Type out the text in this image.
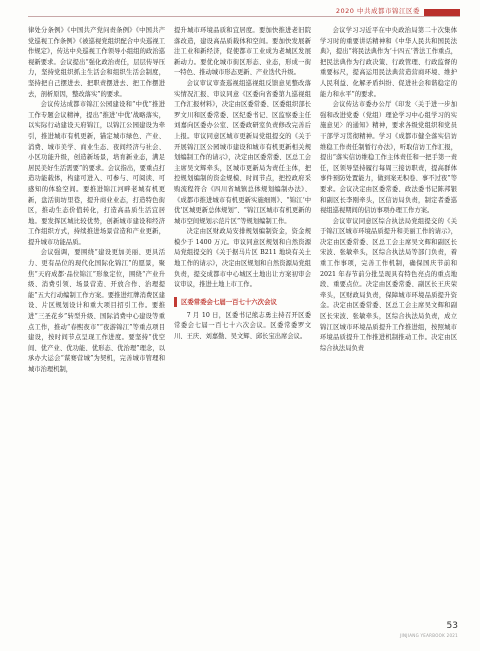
2020 中共成都市锦江区委

律处分条例》《中国共产党问责条例》《中国共产党巡视工作条例》《被巡视党组织配合中央巡视工作规定》，传达中央巡视工作领导小组组的政治巡视新要求。会议提出“强化政治责任，层层传导压力，坚持党组织抓主生活会和组织生活会制度，坚持把自己摆进去、把职责摆进去、把工作摆进去，剖析原因，整改落实”的要求。

会议传达成都市锦江公园建设和“中优”推进工作专题会议精神，提出“推进‘中优’战略落实，以实际行动建设天府锦江，以锦江公园建设为牵引，推进城市有机更新，锚定城市绿色、产业、消费、城市美学、商业生态、夜间经济与社会、小区功能升级，创造新场景，培育新业态，满足居民美好生活需要”的要求。会议指出，要重点打造功能载体，构建可进入、可参与、可阅读、可感知的体验空间。要推进锦江河畔老城有机更新，盘活街坊里巷，提升商业业态，打造特色街区，推动生态价值转化，打造高品质生活宜居地。要发挥区城比较优势，创新城市建设和经济工作组织方式，持续推进场景营造和产业更新，提升城市功能品质。

会议强调，要围绕“建设更加美丽、更具活力、更有品位的现代化国际化锦江”的愿景，聚焦“天府成都·品位锦江”形象定位，围绕“产业升级、消费引领、场景营造、开放合作、治理提能”五大行动编制工作方案。要推进红牌消费区建设、片区规划设计和重大项目招引工作。要推进“三圣花乡”转型升级、国际消费中心建设等重点工作，推动“春熙夜市”“夜游锦江”等重点项目建设，按时间节点呈现工作进度。要坚持“优空间、优产业、优功能、优形态、优治理”理念，以承办大运会“谋赛营城”为契机，完善城市管理和城市治理机制，

提升城市环境品质和宜居度。要加快推进老旧院落改造，建设高品质载体和空间。要加快发展新注工业和新经济，促使都市工业成为老城区发展新动力。要优化城市街区形态、业态，形成一街一特色、推动城市形态更新、产业迭代升级。

会议审议审查巡视组巡视组反馈意见整改落实情况汇报、审议同意《区委向省委第九巡视组工作汇报材料》，决定由区委常委、区委组织部长罗文川和区委常委、区纪委书记、区监察委主任刘嘉向区委办公室、区委政研室负责修改完善后上报。审议同意区城市更新局党组提交的《关于开展锦江区公园城市建设和城市有机更新相关规划编制工作的请示》，决定由区委常委、区总工会主席吴文辉牵头，区城市更新局为责任主体，把控规划编制的资金规模、时间节点，把控政府采购流程符合《四川省城镇总体规划编制办法》、《成都市推进城市有机更新实施细则》、“锦江‘中优’区城更新总体规划”、“锦江区城市有机更新的城市空间规划示范片区”等规划编制工作。

决定由区财政局安排规划编制资金，资金规模少于 1400 万元。审议同意区规划和自然资源局党组提交的《关于据马片区 B211 地块有关土地工作的请示》，决定由区规划和自然资源局党组负责，提交成都市中心城区土地出让方案初审会议审议，推进土地上市工作。

区委常委会七届一百七十六次会议

7 月 10 日，区委书记熊志勇主持召开区委常委会七届一百七十六次会议。区委常委罗文川、王庆、刘嘉勤、吴文辉、邱长宝出席会议。

会议学习习近平在中央政治局第二十次集体学习时的重要讲话精神和《中华人民共和国民法典》，提出“将民法典作为‘十四五’普法工作重点，把民法典作为行政决策、行政管理、行政监督的重要标尺，提高运用民法典营造营商环境、维护人民利益、化解矛盾纠纷、促进社会和谐稳定的能力和水平”的要求。

会议传达市委办公厅《印发〈关于进一步加强和改进党委（党组）理论学习中心组学习的实施意见〉的通知》精神，要求各级党组织和党员干部学习贯彻精神。学习《成都市健全落实信访维稳工作责任制暂行办法》，听取信访工作汇报，提出“落实信访维稳工作主体责任和一把手第一责任，区领导坚持履行每周三接访职责，提高群体事件预防处置能力，做到案无积卷、事不过夜”等要求。会议决定由区委常委、政法委书记陈邦银和副区长李刚牵头，区信访局负责，制定者委巡视组巡视期间的信访事项办理工作方案。

会议审议同意区综合执法局党组提交的《关于锦江区城市环境品质提升和美丽工作的请示》，决定由区委常委、区总工会主席吴文辉和副区长宋波、张敏牵头，区综合执法局等部门负责，着重工作事项，完善工作机制，确保国庆节前和 2021 年春节前分批呈现具有特色亮点的重点地段、重要点位。决定由区委常委、副区长王庆荣牵头，区财政局负责，保障城市环境品质提升资金。决定由区委常委、区总工会主席吴文辉和副区长宋波、张敏牵头，区综合执法局负责，成立锦江区城市环境品质提升工作推进组，按照城市环境品质提升工作推进机制推动工作。决定由区综合执法局负责

53
JINJIANG YEARBOOK 2021
